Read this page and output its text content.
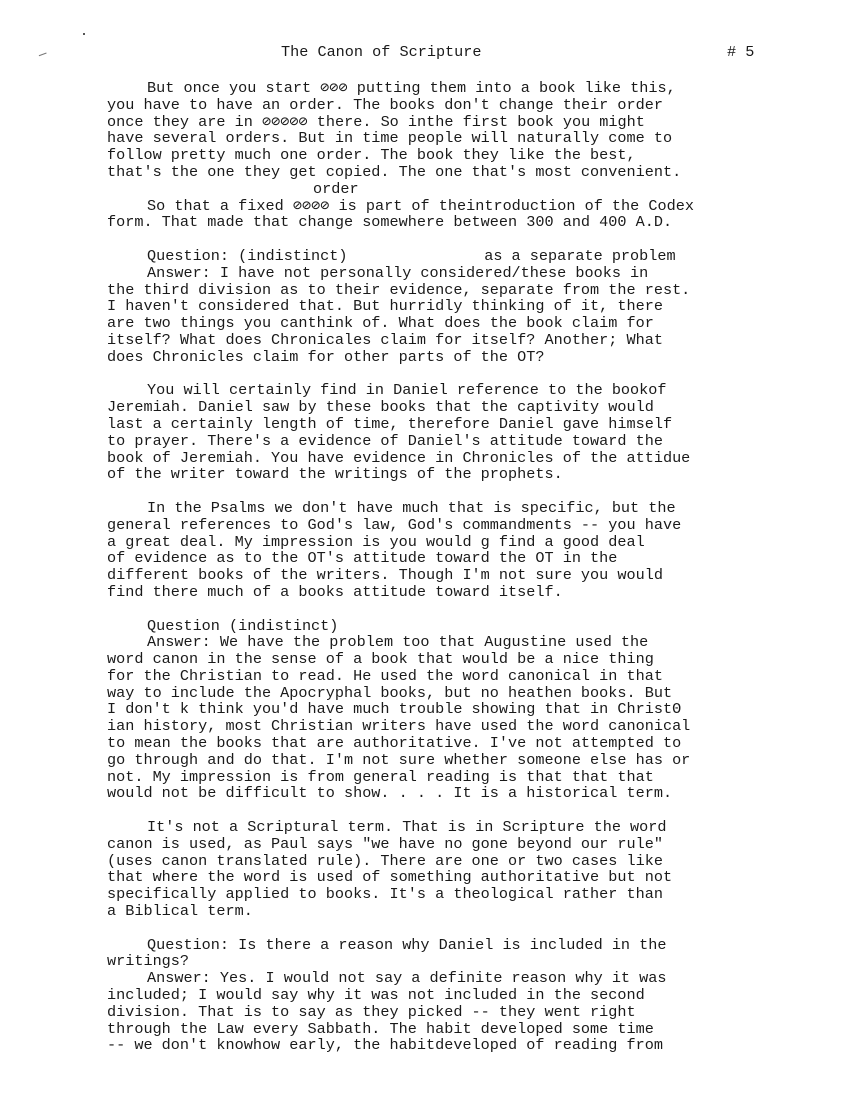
The Canon of Scripture	# 5
But once you start ⊘⊘⊘ putting them into a book like this,
you have to have an order. The books don't change their order
once they are in ⊘⊘⊘⊘⊘ there. So inthe first book you might
have several orders. But in time people will naturally come to
follow pretty much one order. The book they like the best,
that's the one they get copied. The one that's most convenient.
order
So that a fixed ⊘⊘⊘⊘ is part of theintroduction of the Codex
form. That made that change somewhere between 300 and 400 A.D.
Question: (indistinct)               as a separate problem
Answer: I have not personally considered/these books in
the third division as to their evidence, separate from the rest.
I haven't considered that. But hurridly thinking of it, there
are two things you canthink of. What does the book claim for
itself? What does Chronicales claim for itself? Another; What
does Chronicles claim for other parts of the OT?
You will certainly find in Daniel reference to the bookof
Jeremiah. Daniel saw by these books that the captivity would
last a certainly length of time, therefore Daniel gave himself
to prayer. There's a evidence of Daniel's attitude toward the
book of Jeremiah. You have evidence in Chronicles of the attidue
of the writer toward the writings of the prophets.
In the Psalms we don't have much that is specific, but the
general references to God's law, God's commandments -- you have
a great deal. My impression is you would g find a good deal
of evidence as to the OT's attitude toward the OT in the
different books of the writers. Though I'm not sure you would
find there much of a books attitude toward itself.
Question (indistinct)
Answer: We have the problem too that Augustine used the
word canon in the sense of a book that would be a nice thing
for the Christian to read. He used the word canonical in that
way to include the Apocryphal books, but no heathen books. But
I don't k think you'd have much trouble showing that in ChristΘ
ian history, most Christian writers have used the word canonical
to mean the books that are authoritative. I've not attempted to
go through and do that. I'm not sure whether someone else has or
not. My impression is from general reading is that that that
would not be difficult to show. . . . It is a historical term.
It's not a Scriptural term. That is in Scripture the word
canon is used, as Paul says "we have no gone beyond our rule"
(uses canon translated rule). There are one or two cases like
that where the word is used of something authoritative but not
specifically applied to books. It's a theological rather than
a Biblical term.
Question: Is there a reason why Daniel is included in the
writings?
Answer: Yes. I would not say a definite reason why it was
included; I would say why it was not included in the second
division. That is to say as they picked -- they went right
through the Law every Sabbath. The habit developed some time
-- we don't knowhow early, the habitdeveloped of reading from
